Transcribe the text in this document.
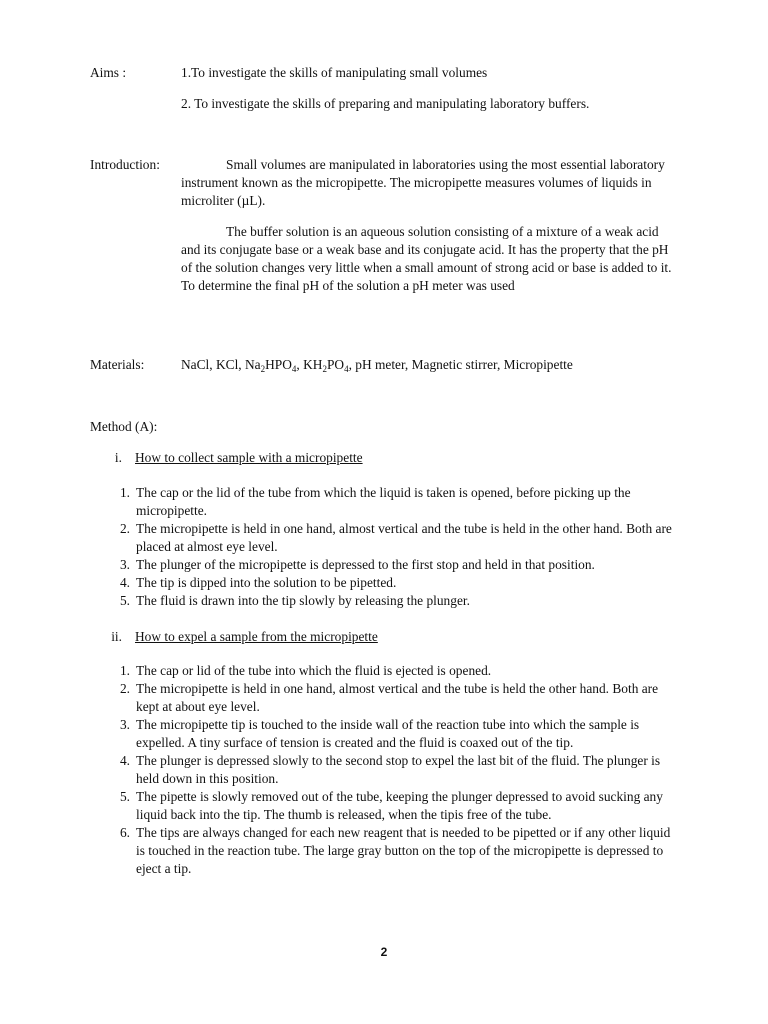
Aims :	1.To investigate the skills of manipulating small volumes
2. To investigate the skills of preparing and manipulating laboratory buffers.
Introduction:	Small volumes are manipulated in laboratories using the most essential laboratory instrument known as the micropipette. The micropipette measures volumes of liquids in microliter (µL).

The buffer solution is an aqueous solution consisting of a mixture of a weak acid and its conjugate base or a weak base and its conjugate acid. It has the property that the pH of the solution changes very little when a small amount of strong acid or base is added to it. To determine the final pH of the solution a pH meter was used

Materials:	NaCl, KCl, $Na_2HPO_4$, $KH_2PO_4$, pH meter, Magnetic stirrer, Micropipette
Method (A):
i. How to collect sample with a micropipette
1. The cap or the lid of the tube from which the liquid is taken is opened, before picking up the micropipette.
2. The micropipette is held in one hand, almost vertical and the tube is held in the other hand. Both are placed at almost eye level.
3. The plunger of the micropipette is depressed to the first stop and held in that position.
4. The tip is dipped into the solution to be pipetted.
5. The fluid is drawn into the tip slowly by releasing the plunger.
ii. How to expel a sample from the micropipette
1. The cap or lid of the tube into which the fluid is ejected is opened.
2. The micropipette is held in one hand, almost vertical and the tube is held the other hand. Both are kept at about eye level.
3. The micropipette tip is touched to the inside wall of the reaction tube into which the sample is expelled. A tiny surface of tension is created and the fluid is coaxed out of the tip.
4. The plunger is depressed slowly to the second stop to expel the last bit of the fluid. The plunger is held down in this position.
5. The pipette is slowly removed out of the tube, keeping the plunger depressed to avoid sucking any liquid back into the tip. The thumb is released, when the tipis free of the tube.
6. The tips are always changed for each new reagent that is needed to be pipetted or if any other liquid is touched in the reaction tube. The large gray button on the top of the micropipette is depressed to eject a tip.
2
